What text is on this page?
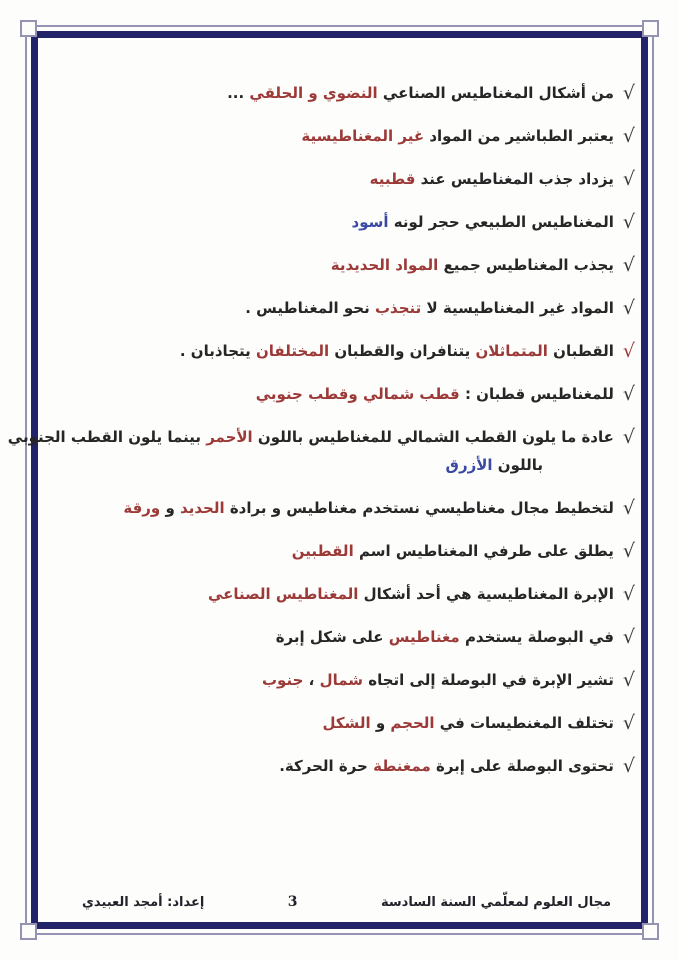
√من أشكال المغناطيس الصناعي النضوي و الحلقي ...
√يعتبر الطباشير من المواد غير المغناطيسية
√يزداد جذب المغناطيس عند قطبيه
√المغناطيس الطبيعي حجر لونه أسود
√يجذب المغناطيس جميع المواد الحديدية
√المواد غير المغناطيسية لا تنجذب نحو المغناطيس .
√القطبان المتماثلان يتنافران والقطبان المختلفان يتجاذبان .
√للمغناطيس قطبان : قطب شمالي وقطب جنوبي
√عادة ما يلون القطب الشمالي للمغناطيس باللون الأحمر بينما يلون القطب الجنوبي
باللون الأزرق
√لتخطيط مجال مغناطيسي نستخدم مغناطيس و برادة الحديد و ورقة
√يطلق على طرفي المغناطيس اسم القطبين
√الإبرة المغناطيسية هي أحد أشكال المغناطيس الصناعي
√في البوصلة يستخدم مغناطيس على شكل إبرة
√تشير الإبرة في البوصلة إلى اتجاه شمال ، جنوب
√تختلف المغنطيسات في الحجم و الشكل
√تحتوى البوصلة على إبرة ممغنطة حرة الحركة.
مجال العلوم لمعلّمي السنة السادسة
3
إعداد: أمجد العبيدي
